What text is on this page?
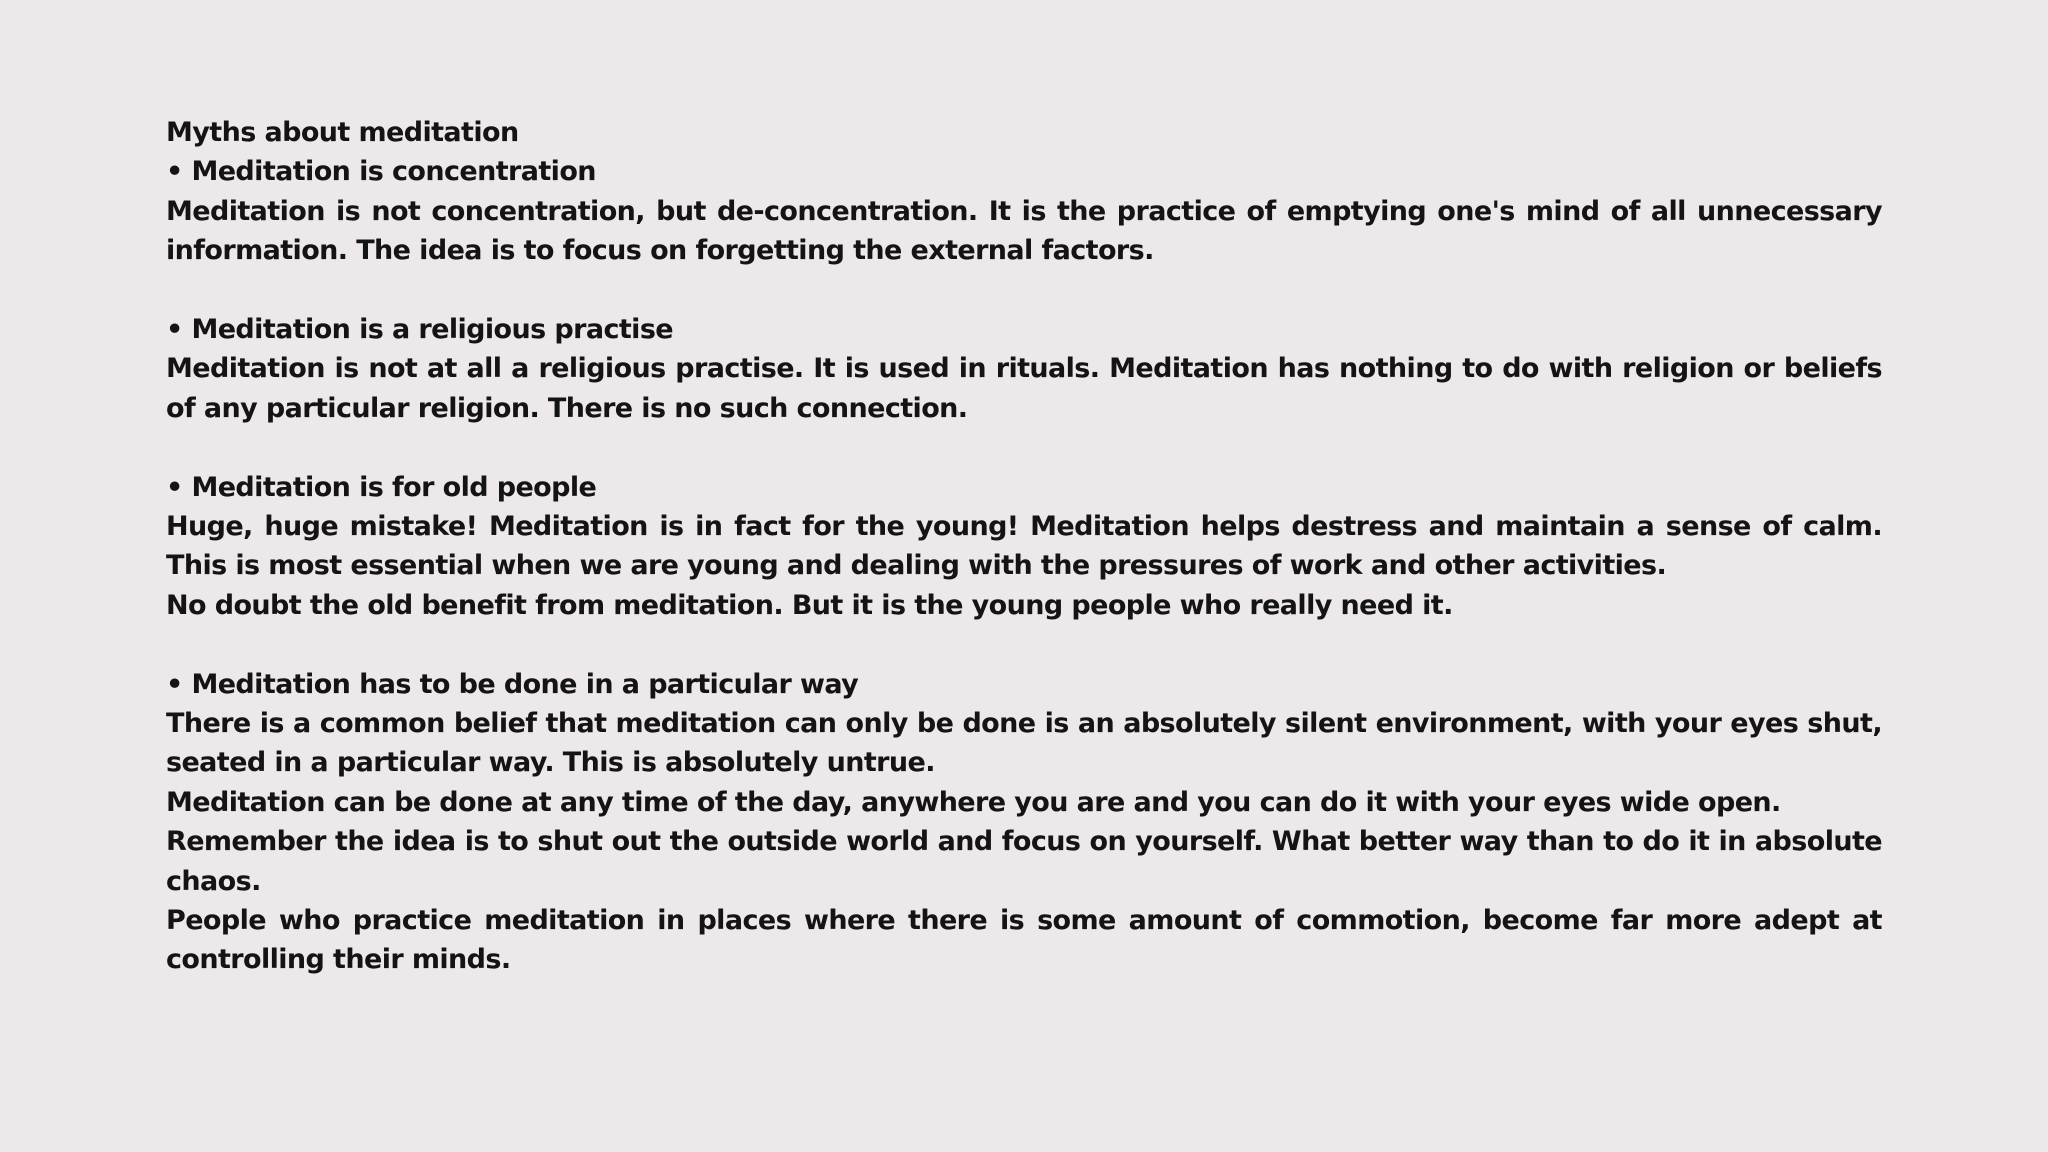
Myths about meditation

• Meditation is concentration

Meditation is not concentration, but de-concentration. It is the practice of emptying one's mind of all unnecessary information. The idea is to focus on forgetting the external factors.

• Meditation is a religious practise

Meditation is not at all a religious practise. It is used in rituals. Meditation has nothing to do with religion or beliefs of any particular religion. There is no such connection.

• Meditation is for old people

Huge, huge mistake! Meditation is in fact for the young! Meditation helps destress and maintain a sense of calm. This is most essential when we are young and dealing with the pressures of work and other activities.

No doubt the old benefit from meditation. But it is the young people who really need it.

• Meditation has to be done in a particular way

There is a common belief that meditation can only be done is an absolutely silent environment, with your eyes shut, seated in a particular way. This is absolutely untrue.

Meditation can be done at any time of the day, anywhere you are and you can do it with your eyes wide open.

Remember the idea is to shut out the outside world and focus on yourself. What better way than to do it in absolute chaos.

People who practice meditation in places where there is some amount of commotion, become far more adept at controlling their minds.
